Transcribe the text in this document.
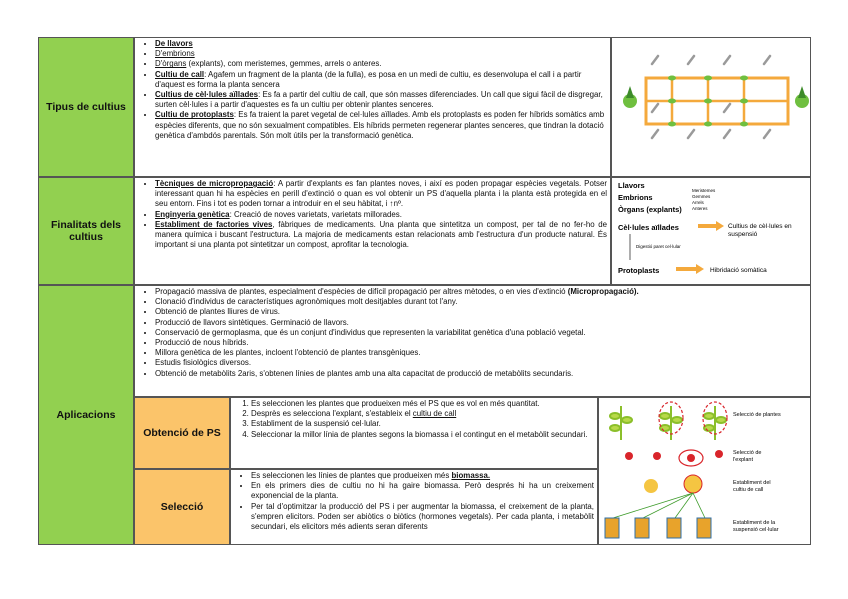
Tipus de cultius
• De llavors
• D'embrions
• D'òrgans (explants), com meristemes, gemmes, arrels o anteres.
• Cultiu de call: Agafem un fragment de la planta (de la fulla), es posa en un medi de cultiu, es desenvolupa el call i a partir d'aquest es forma la planta sencera
• Cultius de cèl·lules aïllades: Es fa a partir del cultiu de call, que són masses diferenciades. Un call que sigui fàcil de disgregar, surten cèl·lules i a partir d'aquestes es fa un cultiu per obtenir plantes senceres.
• Cultiu de protoplasts: Es fa traient la paret vegetal de cel·lules aïllades. Amb els protoplasts es poden fer híbrids somàtics amb espècies diferents, que no són sexualment compatibles. Els híbrids permeten regenerar plantes senceres, que tindran la dotació genètica d'ambdós parentals. Són molt útils per la transformació genètica.
Finalitats dels cultius
• Tècniques de micropropagació: A partir d'explants es fan plantes noves, i així es poden propagar espècies vegetals. Potser interessant quan hi ha espècies en perill d'extinció o quan es vol obtenir un PS d'aquella planta i la planta està protegida en el seu entorn. Fins i tot es poden tornar a introduir en el seu hàbitat, i ↑nº.
• Enginyeria genètica: Creació de noves varietats, varietats millorades.
• Establiment de factories vives, fàbriques de medicaments. Una planta que sintetitza un compost, per tal de no fer-ho de manera química i buscant l'estructura. La majoria de medicaments estan relacionats amb l'estructura d'un producte natural. És important si una planta pot sintetitzar un compost, aprofitar la tecnologia.
Llavors
Embrions
Òrgans (explants)
Meristemes
Gemmes
Arrels
Anteres
Cèl·lules aïllades	Cultius de cèl·lules en
suspensió
Digestió paret cel·lular
Protoplasts	Hibridació somàtica
Aplicacions
• Propagació massiva de plantes, especialment d'espècies de difícil propagació per altres mètodes, o en vies d'extinció (Micropropagació).
• Clonació d'individus de característiques agronòmiques molt desitjables durant tot l'any.
• Obtenció de plantes lliures de virus.
• Producció de llavors sintètiques. Germinació de llavors.
• Conservació de germoplasma, que és un conjunt d'individus que representen la variabilitat genètica d'una població vegetal.
• Producció de nous híbrids.
• Millora genètica de les plantes, incloent l'obtenció de plantes transgèniques.
• Estudis fisiològics diversos.
• Obtenció de metabòlits 2aris, s'obtenen línies de plantes amb una alta capacitat de producció de metabòlits secundaris.
Obtenció de PS
1. Es seleccionen les plantes que produeixen més el PS que es vol en més quantitat.
2. Desprès es selecciona l'explant, s'estableix el cultiu de call
3. Establiment de la suspensió cel·lular.
4. Seleccionar la millor línia de plantes segons la biomassa i el contingut en el metabòlit secundari.
Selecció
• Es seleccionen les línies de plantes que produeixen més biomassa.
• En els primers dies de cultiu no hi ha gaire biomassa. Però després hi ha un creixement exponencial de la planta.
• Per tal d'optimitzar la producció del PS i per augmentar la biomassa, el creixement de la planta, s'empren elicitors. Poden ser abiòtics o biòtics (hormones vegetals). Per cada planta, i metabòlit secundari, els elicitors més adients seran diferents
Selecció de plantes
Selecció de
l'explant
Establiment del
cultiu de call
Establiment de la
suspensió cel·lular
